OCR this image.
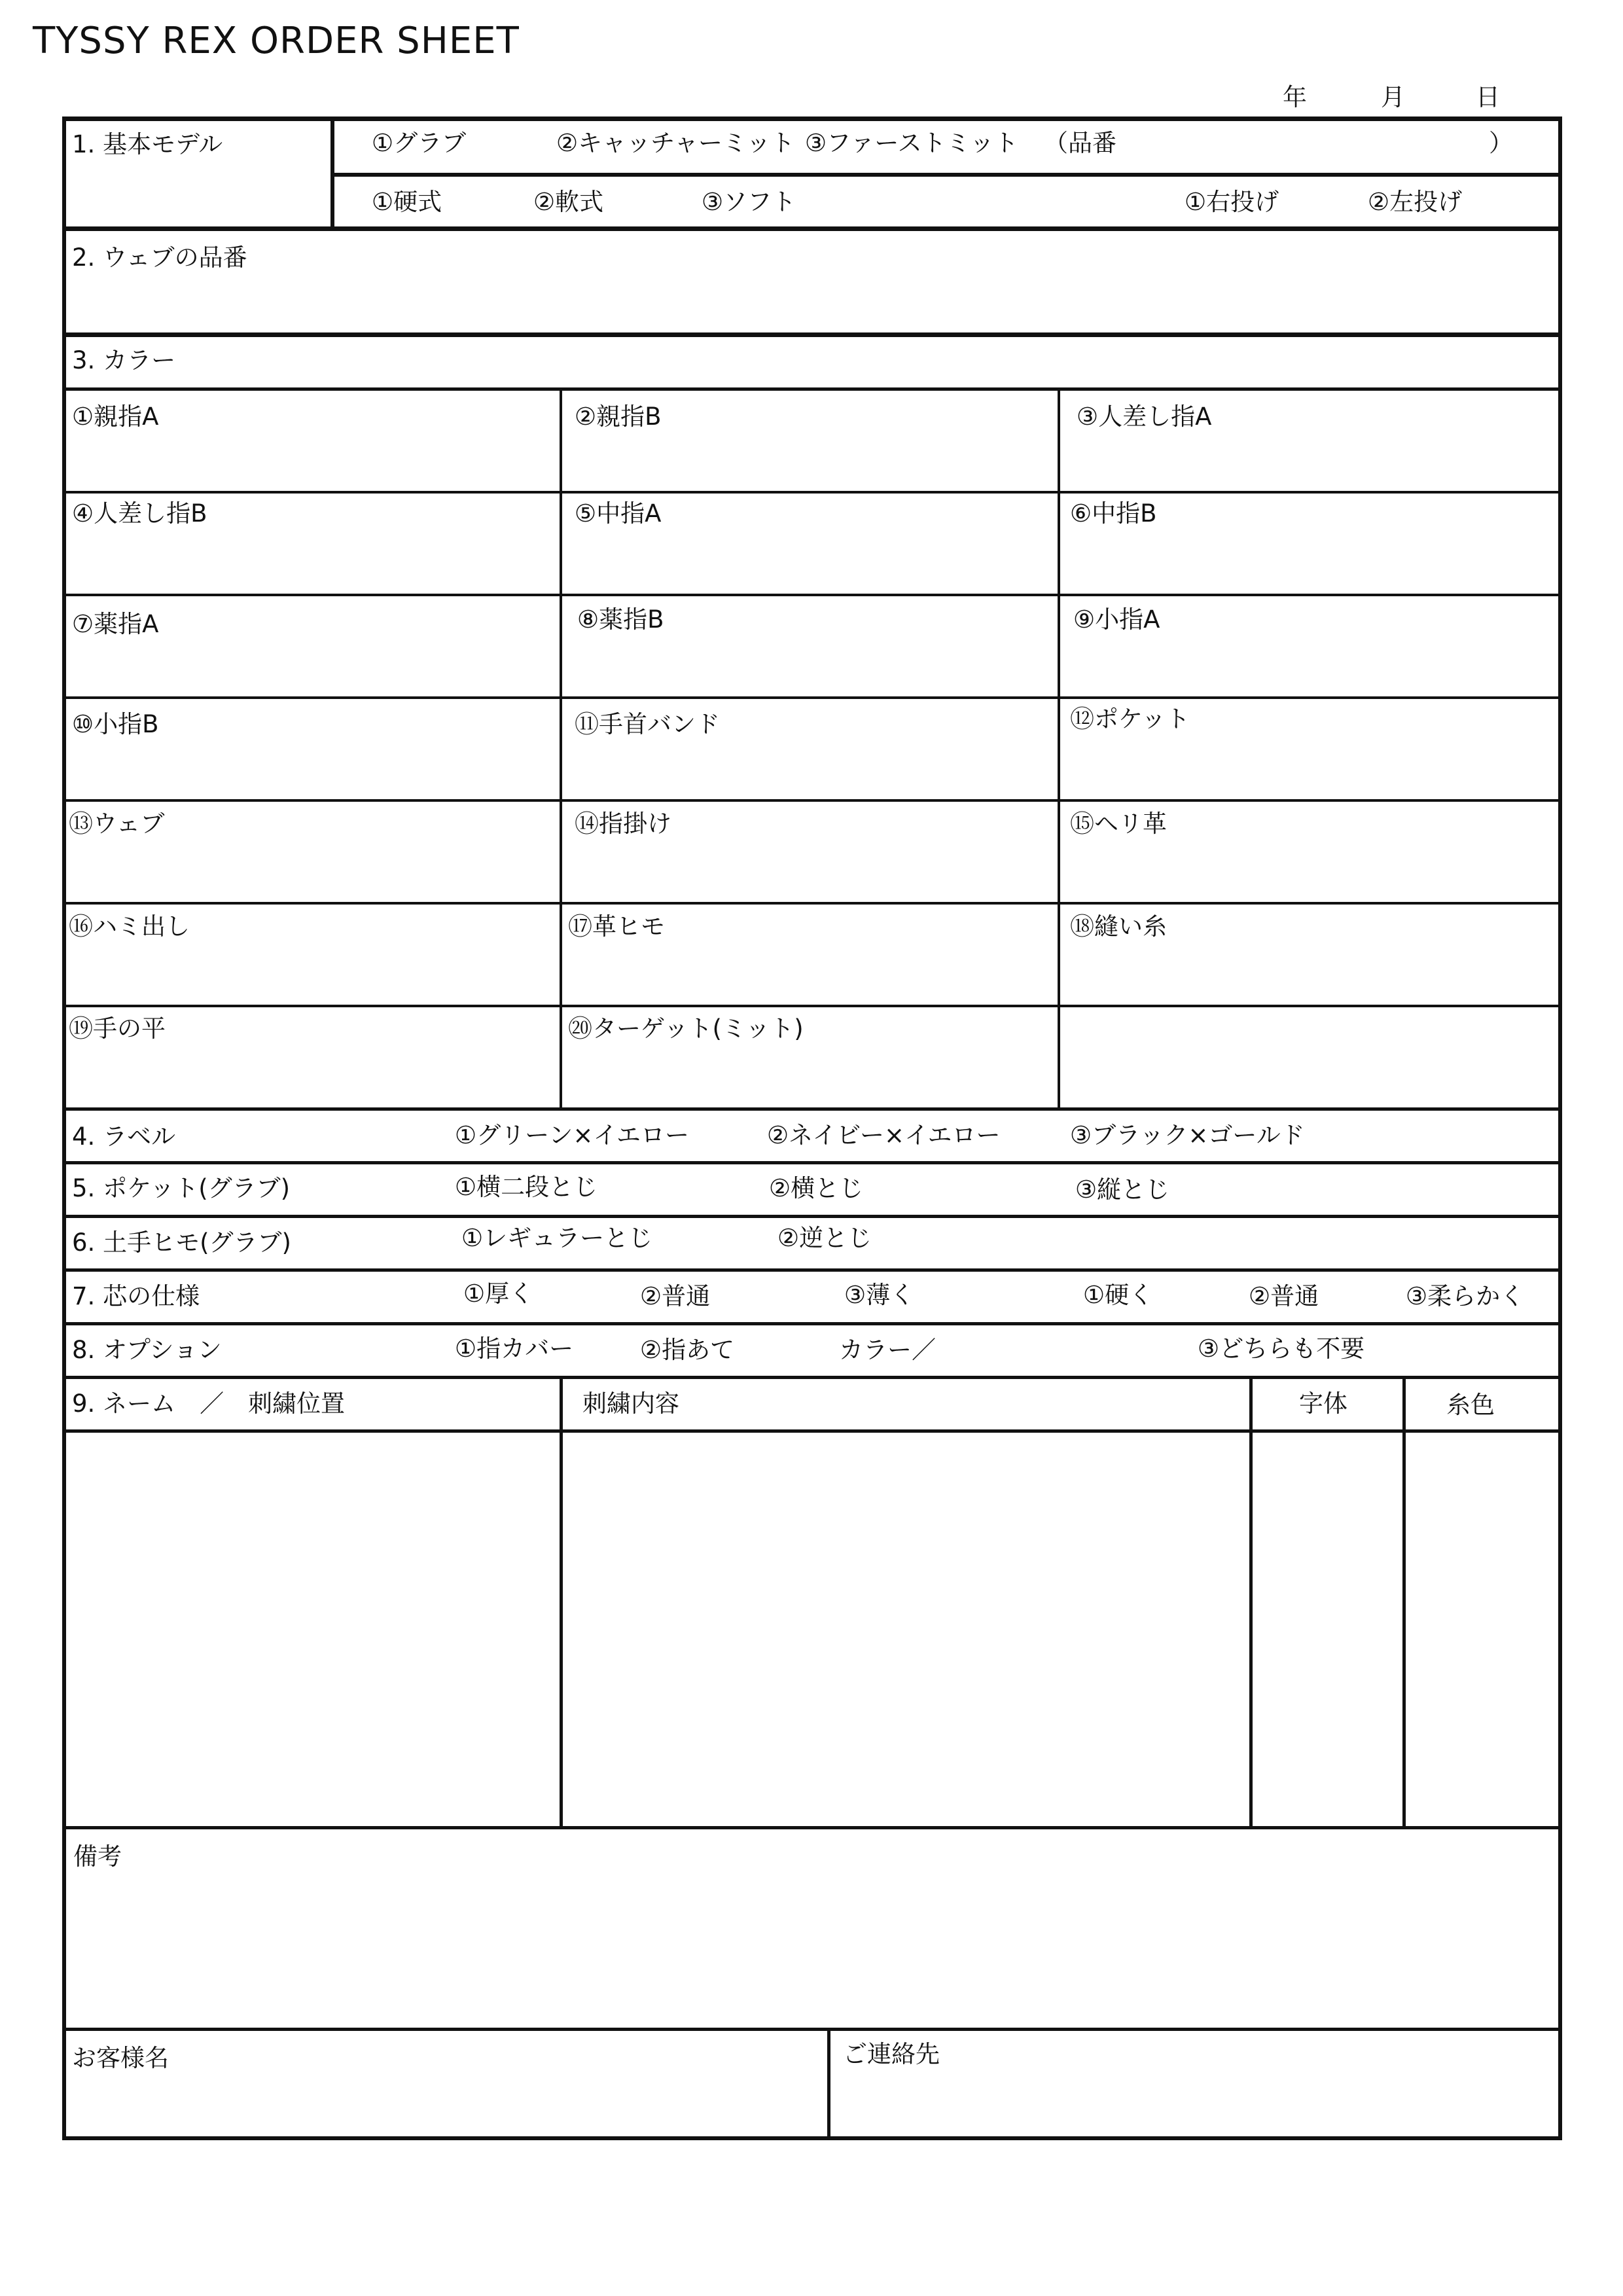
TYSSY REX ORDER SHEET
年	月	日
1. 基本モデル	①グラブ	②キャッチャーミット ③ファーストミット （品番	）
①硬式	②軟式	③ソフト	①右投げ	②左投げ
2. ウェブの品番
3. カラー
①親指A	②親指B	③人差し指A
④人差し指B	⑤中指A	⑥中指B
⑦薬指A	⑧薬指B	⑨小指A
⑩小指B	⑪手首バンド	⑫ポケット
⑬ウェブ	⑭指掛け	⑮ヘリ革
⑯ハミ出し	⑰革ヒモ	⑱縫い糸
⑲手の平	⑳ターゲット(ミット)
4. ラベル	①グリーン×イエロー	②ネイビー×イエロー	③ブラック×ゴールド
5. ポケット(グラブ)	①横二段とじ	②横とじ	③縦とじ
6. 土手ヒモ(グラブ)	①レギュラーとじ	②逆とじ
7. 芯の仕様	①厚く	②普通	③薄く	①硬く	②普通	③柔らかく
8. オプション	①指カバー	②指あて	カラー／	③どちらも不要
9. ネーム　／　刺繍位置	刺繍内容	字体	糸色
備考
お客様名	ご連絡先
